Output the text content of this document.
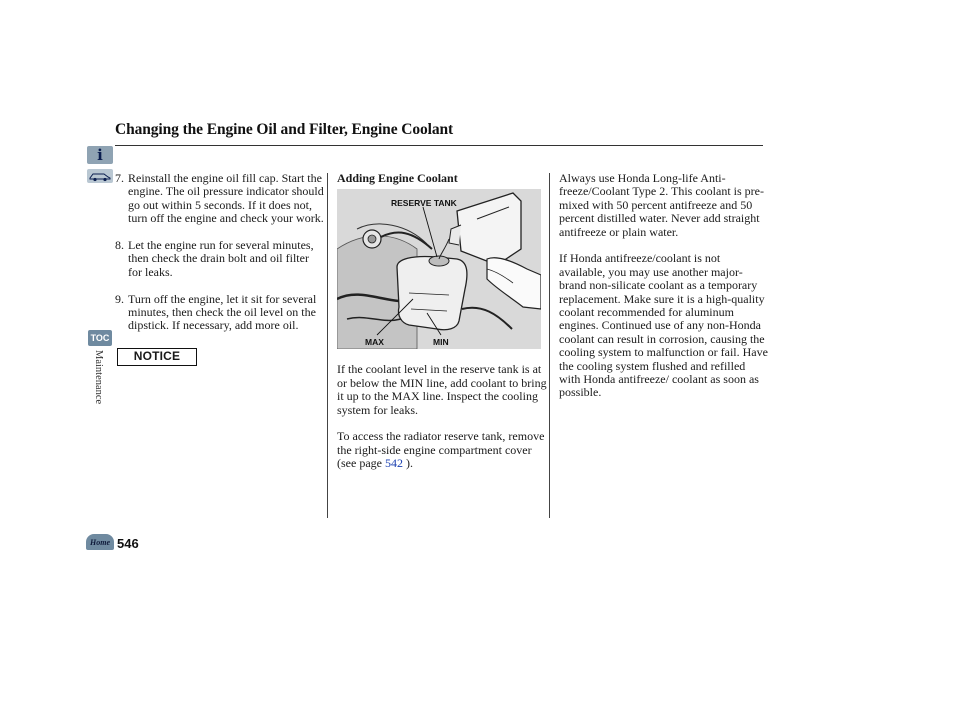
Changing the Engine Oil and Filter, Engine Coolant
i
TOC
Maintenance
Home 546
7. Reinstall the engine oil fill cap. Start the engine. The oil pressure indicator should go out within 5 seconds. If it does not, turn off the engine and check your work.
8. Let the engine run for several minutes, then check the drain bolt and oil filter for leaks.
9. Turn off the engine, let it sit for several minutes, then check the oil level on the dipstick. If necessary, add more oil.
NOTICE
Adding Engine Coolant
RESERVE TANK
MAX	MIN

If the coolant level in the reserve tank is at or below the MIN line, add coolant to bring it up to the MAX line. Inspect the cooling system for leaks.

To access the radiator reserve tank, remove the right-side engine compartment cover (see page 542 ).

Always use Honda Long-life Anti-freeze/Coolant Type 2. This coolant is pre-mixed with 50 percent antifreeze and 50 percent distilled water. Never add straight antifreeze or plain water.

If Honda antifreeze/coolant is not available, you may use another major-brand non-silicate coolant as a temporary replacement. Make sure it is a high-quality coolant recommended for aluminum engines. Continued use of any non-Honda coolant can result in corrosion, causing the cooling system to malfunction or fail. Have the cooling system flushed and refilled with Honda antifreeze/ coolant as soon as possible.
